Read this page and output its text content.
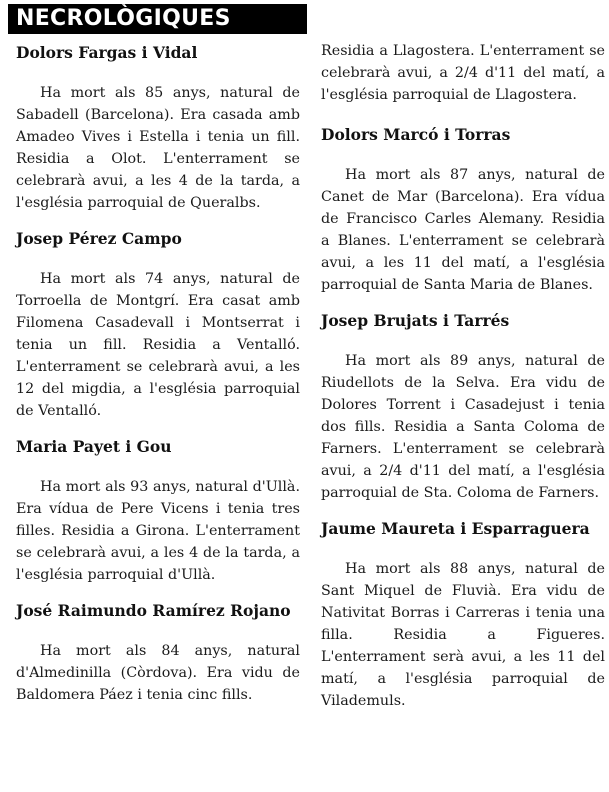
NECROLÒGIQUES
Dolors Fargas i Vidal

Ha mort als 85 anys, natural de Sabadell (Barcelona). Era casada amb Amadeo Vives i Estella i tenia un fill. Residia a Olot. L'enterrament se celebrarà avui, a les 4 de la tarda, a l'església parroquial de Queralbs.

Josep Pérez Campo

Ha mort als 74 anys, natural de Torroella de Montgrí. Era casat amb Filomena Casadevall i Montserrat i tenia un fill. Residia a Ventalló. L'enterrament se celebrarà avui, a les 12 del migdia, a l'església parroquial de Ventalló.

Maria Payet i Gou

Ha mort als 93 anys, natural d'Ullà. Era vídua de Pere Vicens i tenia tres filles. Residia a Girona. L'enterrament se celebrarà avui, a les 4 de la tarda, a l'església parroquial d'Ullà.

José Raimundo Ramírez Rojano

Ha mort als 84 anys, natural d'Almedinilla (Còrdova). Era vidu de Baldomera Páez i tenia cinc fills.

Residia a Llagostera. L'enterrament se celebrarà avui, a 2/4 d'11 del matí, a l'església parroquial de Llagostera.

Dolors Marcó i Torras

Ha mort als 87 anys, natural de Canet de Mar (Barcelona). Era vídua de Francisco Carles Alemany. Residia a Blanes. L'enterrament se celebrarà avui, a les 11 del matí, a l'església parroquial de Santa Maria de Blanes.

Josep Brujats i Tarrés

Ha mort als 89 anys, natural de Riudellots de la Selva. Era vidu de Dolores Torrent i Casadejust i tenia dos fills. Residia a Santa Coloma de Farners. L'enterrament se celebrarà avui, a 2/4 d'11 del matí, a l'església parroquial de Sta. Coloma de Farners.

Jaume Maureta i Esparraguera

Ha mort als 88 anys, natural de Sant Miquel de Fluvià. Era vidu de Nativitat Borras i Carreras i tenia una filla. Residia a Figueres. L'enterrament serà avui, a les 11 del matí, a l'església parroquial de Vilademuls.
